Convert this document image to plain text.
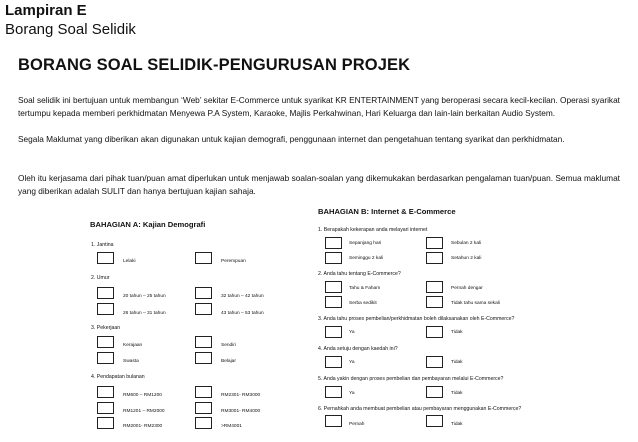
Lampiran E
Borang Soal Selidik
BORANG SOAL SELIDIK-PENGURUSAN PROJEK
Soal selidik ini bertujuan untuk membangun ‘Web’ sekitar E-Commerce untuk syarikat KR ENTERTAINMENT yang beroperasi secara kecil-kecilan. Operasi syarikat tertumpu kepada memberi perkhidmatan Menyewa P.A System, Karaoke, Majlis Perkahwinan, Hari Keluarga dan lain-lain berkaitan Audio System.
Segala Maklumat yang diberikan akan digunakan untuk kajian demografi, penggunaan internet dan pengetahuan tentang syarikat dan perkhidmatan.
Oleh itu kerjasama dari pihak tuan/puan amat diperlukan untuk menjawab soalan-soalan yang dikemukakan berdasarkan pengalaman tuan/puan. Semua maklumat yang diberikan adalah SULIT dan hanya bertujuan kajian sahaja.
BAHAGIAN A: Kajian Demografi
1. Jantina
Lelaki	Perempuan
2. Umur
20 tahun – 25 tahun	32 tahun – 42 tahun
26 tahun – 31 tahun	43 tahun – 53 tahun
3. Pekerjaan
Kerajaan	Sendiri
Swasta	Belajar
4. Pendapatan bulanan
RM600 – RM1200	RM2301- RM3000
RM1201 – RM2000	RM3001- RM4000
RM2001- RM2300	>RM4001
BAHAGIAN B: Internet & E-Commerce
1. Berapakah kekerapan anda melayari internet
Sepanjang hari	Sebulan 2 kali
Seminggu 2 kali	Setahun 2 kali
2. Anda tahu tentang E-Commerce?
Tahu & Faham	Pernah dengar
Serba sedikit	Tidak tahu sama sekali
3. Anda tahu proses pembelian/perkhidmatan boleh dilaksanakan oleh E-Commerce?
Ya	Tidak
4. Anda setuju dengan kaedah ini?
Ya	Tidak
5. Anda yakin dengan proses pembelian dan pembayaran melalui E-Commerce?
Ya	Tidak
6. Pernahkah anda membuat pembelian atau pembayaran menggunakan E-Commerce?
Pernah	Tidak
